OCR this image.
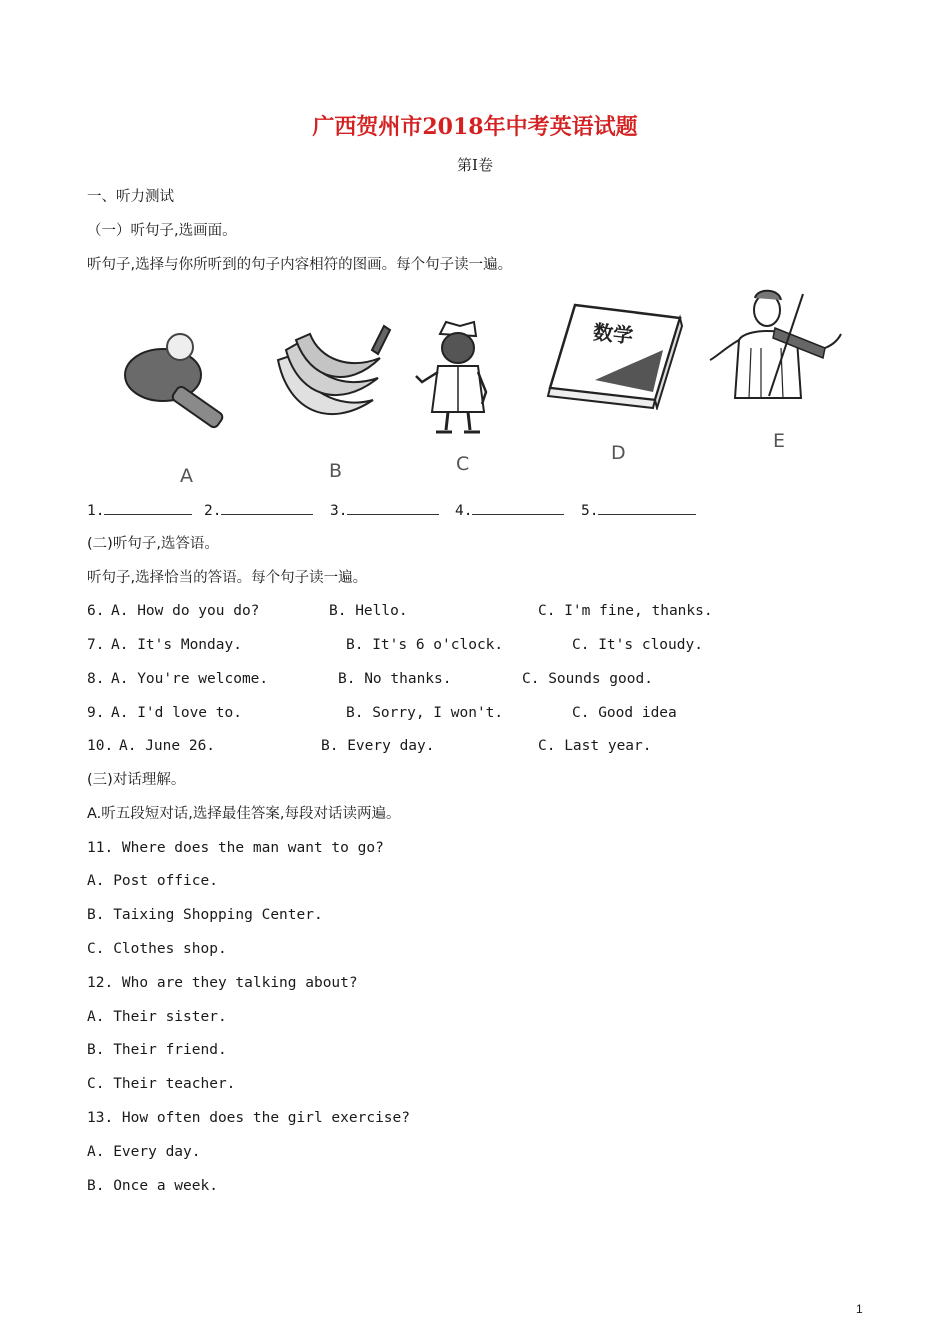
广西贺州市2018年中考英语试题
第I卷
一、听力测试
（一）听句子,选画面。
听句子,选择与你所听到的句子内容相符的图画。每个句子读一遍。
A	B	C
数学
D
E
1.	2.	3.	4.	5.
(二)听句子,选答语。
听句子,选择恰当的答语。每个句子读一遍。
6. A. How do you do?	B. Hello.	C. I'm fine, thanks.
7. A. It's Monday.	B. It's 6 o'clock.	C. It's cloudy.
8. A. You're welcome.	B. No thanks.	C. Sounds good.
9. A. I'd love to.	B. Sorry, I won't.	C. Good idea
10. A. June 26.	B. Every day.	C. Last year.
(三)对话理解。
A.听五段短对话,选择最佳答案,每段对话读两遍。
11. Where does the man want to go?
A. Post office.
B. Taixing Shopping Center.
C. Clothes shop.
12. Who are they talking about?
A. Their sister.
B. Their friend.
C. Their teacher.
13. How often does the girl exercise?
A. Every day.
B. Once a week.
1
